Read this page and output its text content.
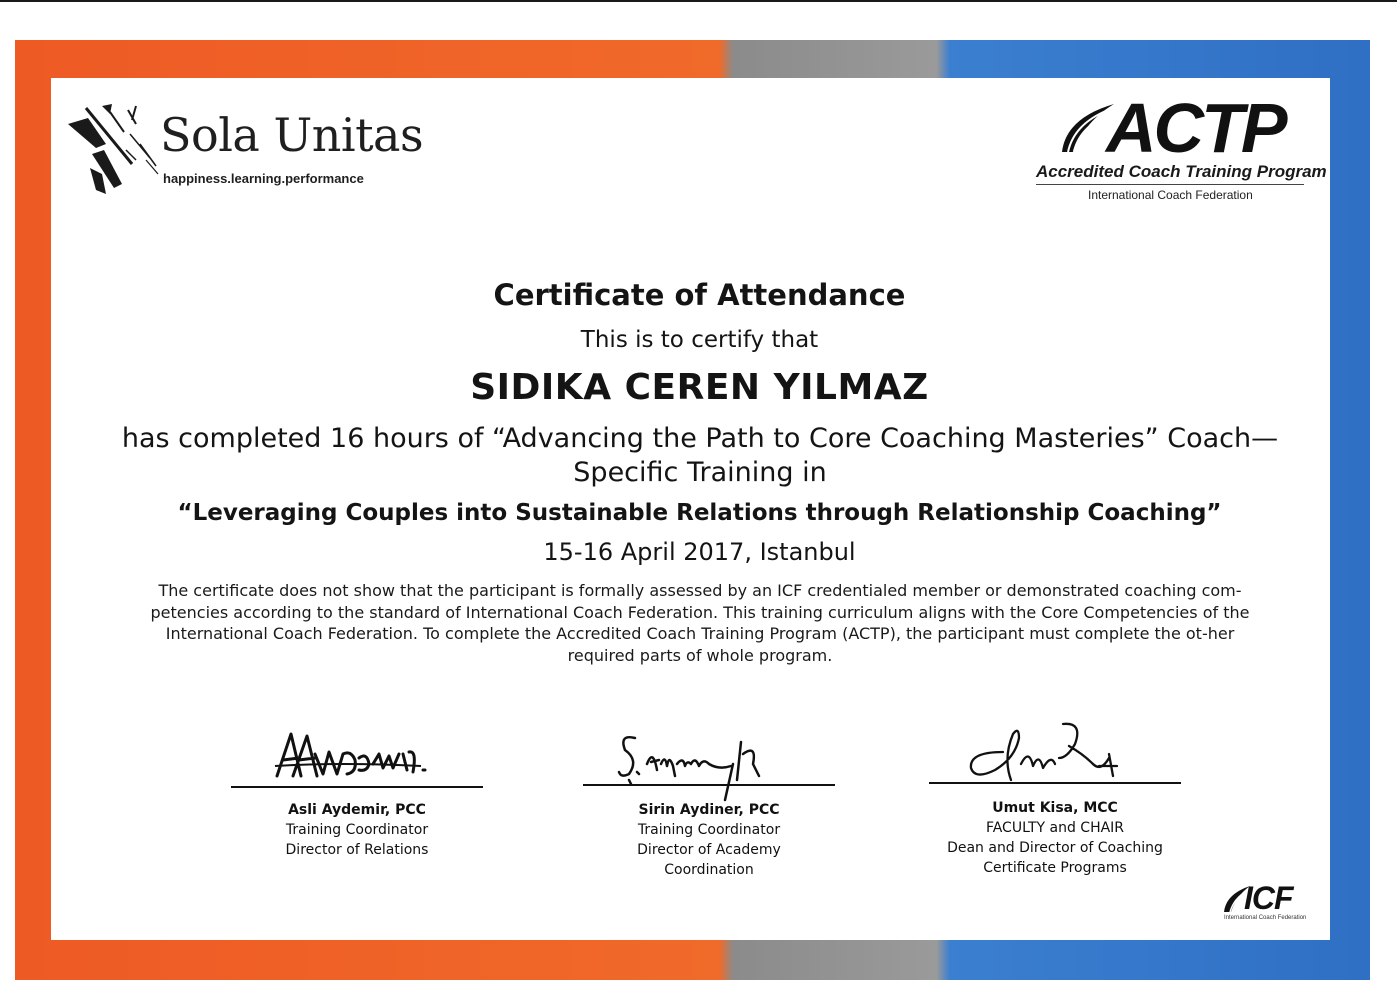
Sola Unitas
happiness.learning.performance
ACTP
Accredited Coach Training Program
International Coach Federation
Certificate of Attendance
This is to certify that
SIDIKA CEREN YILMAZ
has completed 16 hours of “Advancing the Path to Core Coaching Masteries” Coach— Specific Training in
“Leveraging Couples into Sustainable Relations through Relationship Coaching”
15-16 April 2017, Istanbul
The certificate does not show that the participant is formally assessed by an ICF credentialed member or demonstrated coaching com-petencies according to the standard of International Coach Federation. This training curriculum aligns with the Core Competencies of the International Coach Federation. To complete the Accredited Coach Training Program (ACTP), the participant must complete the ot-her required parts of whole program.
Asli Aydemir, PCC
Training Coordinator
Director of Relations
Sirin Aydiner, PCC
Training Coordinator
Director of Academy
Coordination
Umut Kisa, MCC
FACULTY and CHAIR
Dean and Director of Coaching
Certificate Programs
ICF
International Coach Federation
